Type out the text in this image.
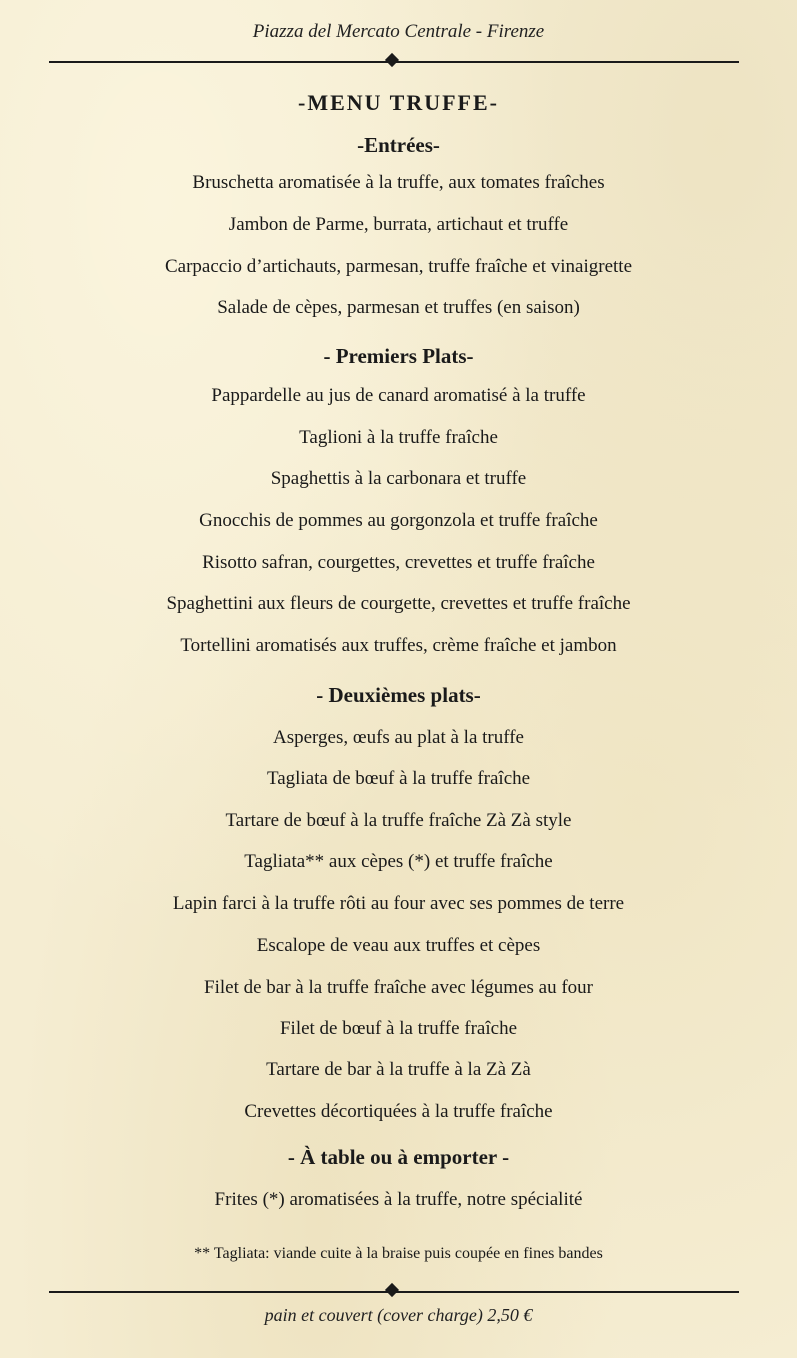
Piazza del Mercato Centrale - Firenze
-MENU TRUFFE-
-Entrées-
Bruschetta aromatisée à la truffe, aux tomates fraîches
Jambon de Parme, burrata, artichaut et truffe
Carpaccio d’artichauts, parmesan, truffe fraîche et vinaigrette
Salade de cèpes, parmesan et truffes (en saison)
- Premiers Plats-
Pappardelle au jus de canard aromatisé à la truffe
Taglioni à la truffe fraîche
Spaghettis à la carbonara et truffe
Gnocchis de pommes au gorgonzola et truffe fraîche
Risotto safran, courgettes, crevettes et truffe fraîche
Spaghettini aux fleurs de courgette, crevettes et truffe fraîche
Tortellini aromatisés aux truffes, crème fraîche et jambon
- Deuxièmes plats-
Asperges, œufs au plat à la truffe
Tagliata de bœuf à la truffe fraîche
Tartare de bœuf à la truffe fraîche Zà Zà style
Tagliata** aux cèpes (*) et truffe fraîche
Lapin farci à la truffe rôti au four avec ses pommes de terre
Escalope de veau aux truffes et cèpes
Filet de bar à la truffe fraîche avec légumes au four
Filet de bœuf à la truffe fraîche
Tartare de bar à la truffe à la Zà Zà
Crevettes décortiquées à la truffe fraîche
- À table ou à emporter -
Frites (*) aromatisées à la truffe, notre spécialité
** Tagliata: viande cuite à la braise puis coupée en fines bandes
pain et couvert (cover charge) 2,50 €
